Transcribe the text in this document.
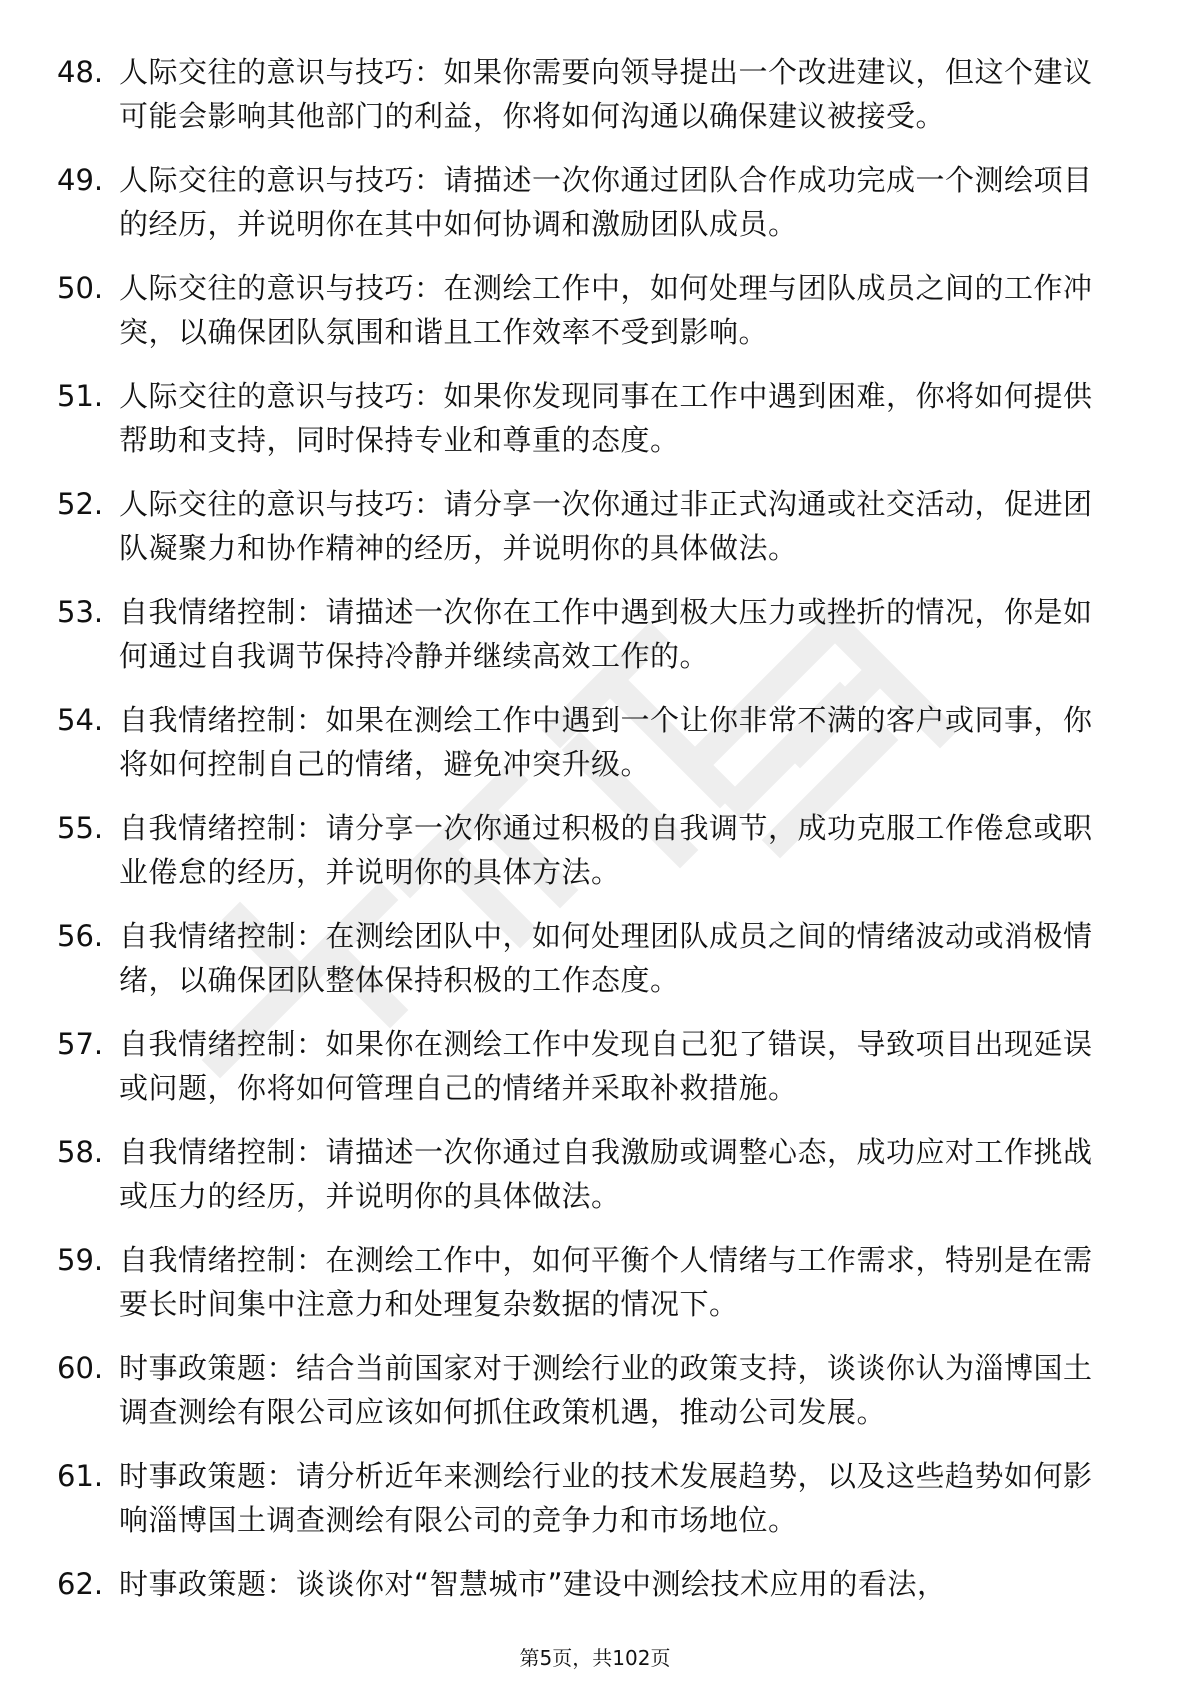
48. 人际交往的意识与技巧：如果你需要向领导提出一个改进建议，但这个建议可能会影响其他部门的利益，你将如何沟通以确保建议被接受。
49. 人际交往的意识与技巧：请描述一次你通过团队合作成功完成一个测绘项目的经历，并说明你在其中如何协调和激励团队成员。
50. 人际交往的意识与技巧：在测绘工作中，如何处理与团队成员之间的工作冲突，以确保团队氛围和谐且工作效率不受到影响。
51. 人际交往的意识与技巧：如果你发现同事在工作中遇到困难，你将如何提供帮助和支持，同时保持专业和尊重的态度。
52. 人际交往的意识与技巧：请分享一次你通过非正式沟通或社交活动，促进团队凝聚力和协作精神的经历，并说明你的具体做法。
53. 自我情绪控制：请描述一次你在工作中遇到极大压力或挫折的情况，你是如何通过自我调节保持冷静并继续高效工作的。
54. 自我情绪控制：如果在测绘工作中遇到一个让你非常不满的客户或同事，你将如何控制自己的情绪，避免冲突升级。
55. 自我情绪控制：请分享一次你通过积极的自我调节，成功克服工作倦怠或职业倦怠的经历，并说明你的具体方法。
56. 自我情绪控制：在测绘团队中，如何处理团队成员之间的情绪波动或消极情绪，以确保团队整体保持积极的工作态度。
57. 自我情绪控制：如果你在测绘工作中发现自己犯了错误，导致项目出现延误或问题，你将如何管理自己的情绪并采取补救措施。
58. 自我情绪控制：请描述一次你通过自我激励或调整心态，成功应对工作挑战或压力的经历，并说明你的具体做法。
59. 自我情绪控制：在测绘工作中，如何平衡个人情绪与工作需求，特别是在需要长时间集中注意力和处理复杂数据的情况下。
60. 时事政策题：结合当前国家对于测绘行业的政策支持，谈谈你认为淄博国土调查测绘有限公司应该如何抓住政策机遇，推动公司发展。
61. 时事政策题：请分析近年来测绘行业的技术发展趋势，以及这些趋势如何影响淄博国土调查测绘有限公司的竞争力和市场地位。
62. 时事政策题：谈谈你对“智慧城市”建设中测绘技术应用的看法，
第5页，共102页
